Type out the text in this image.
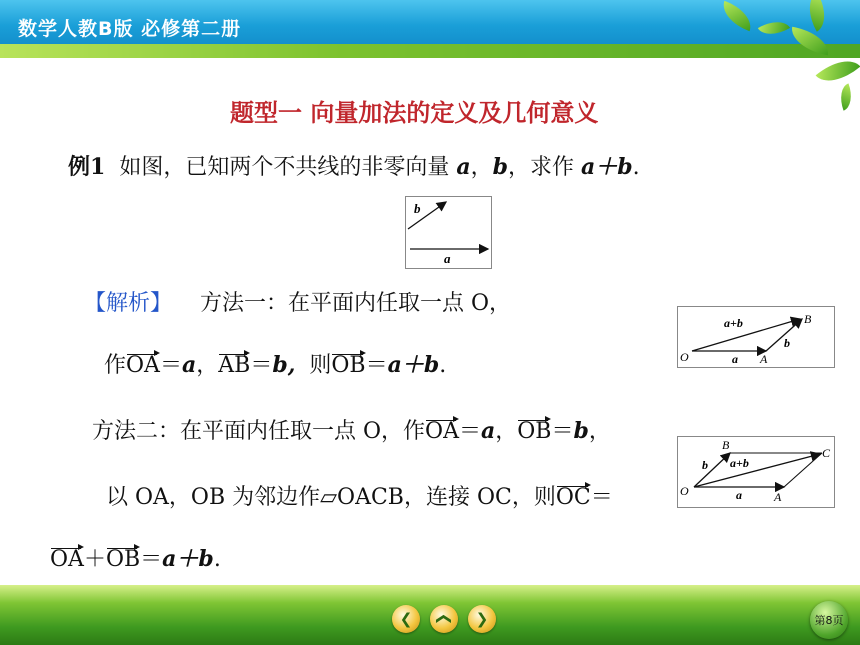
数学人教B版 必修第二册
题型一 向量加法的定义及几何意义
例1 如图，已知两个不共线的非零向量 a，b，求作 a＋b.
b
a
【解析】 方法一：在平面内任取一点 O，
作OA＝a，AB＝b,  则OB＝a＋b.
a+b	B
b
O	a A
方法二：在平面内任取一点 O，作OA＝a，OB＝b，
B
b a+b
C
O	a	A
以 OA，OB 为邻边作▱OACB，连接 OC，则OC＝
OA＋OB＝a＋b.
❮ ❮ ❯	第8页
